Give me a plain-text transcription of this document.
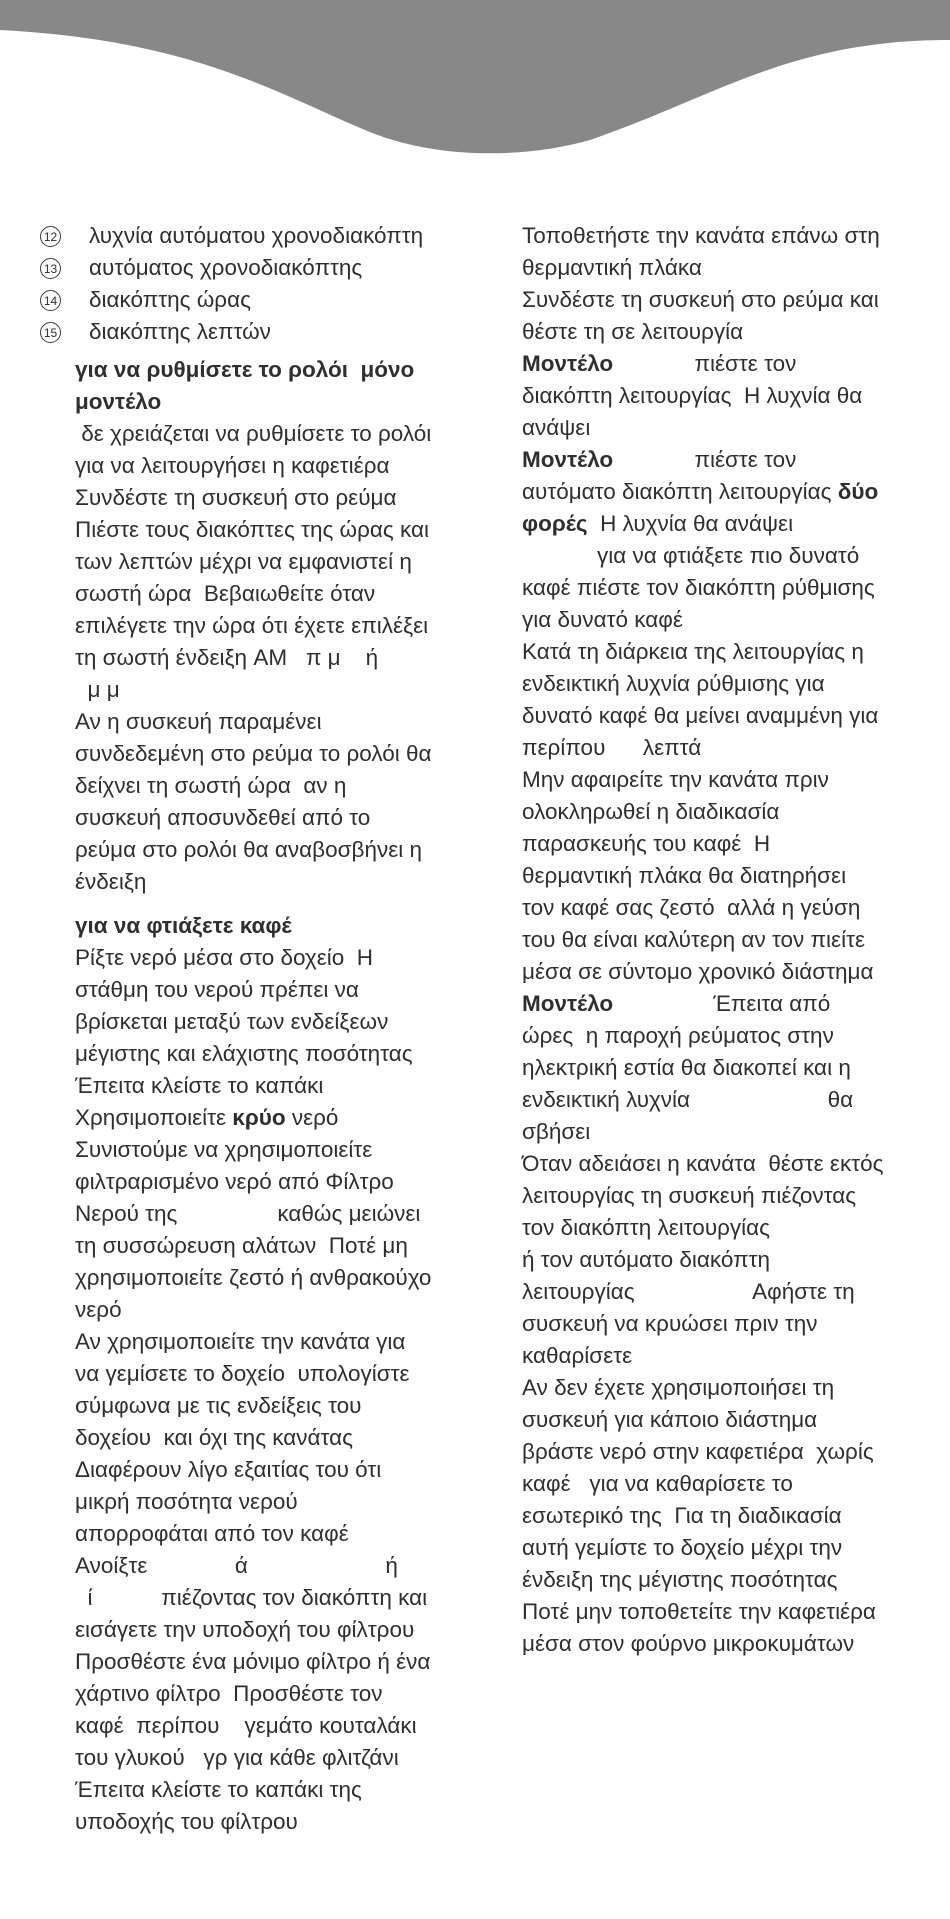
12 λυχνία αυτόματου χρονοδιακόπτη
13 αυτόματος χρονοδιακόπτης
14 διακόπτης ώρας
15 διακόπτης λεπτών
για να ρυθμίσετε το ρολόι  μόνο
μοντέλο
δε χρειάζεται να ρυθμίσετε το ρολόι
για να λειτουργήσει η καφετιέρα
Συνδέστε τη συσκευή στο ρεύμα
Πιέστε τους διακόπτες της ώρας και
των λεπτών μέχρι να εμφανιστεί η
σωστή ώρα  Βεβαιωθείτε όταν
επιλέγετε την ώρα ότι έχετε επιλέξει
τη σωστή ένδειξη AM   π μ    ή
μ μ
Αν η συσκευή παραμένει
συνδεδεμένη στο ρεύμα το ρολόι θα
δείχνει τη σωστή ώρα  αν η
συσκευή αποσυνδεθεί από το
ρεύμα στο ρολόι θα αναβοσβήνει η
ένδειξη
για να φτιάξετε καφέ
Ρίξτε νερό μέσα στο δοχείο  Η
στάθμη του νερού πρέπει να
βρίσκεται μεταξύ των ενδείξεων
μέγιστης και ελάχιστης ποσότητας
Έπειτα κλείστε το καπάκι
Χρησιμοποιείτε κρύο νερό
Συνιστούμε να χρησιμοποιείτε
φιλτραρισμένο νερό από Φίλτρο
Νερού της                καθώς μειώνει
τη συσσώρευση αλάτων  Ποτέ μη
χρησιμοποιείτε ζεστό ή ανθρακούχο
νερό
Αν χρησιμοποιείτε την κανάτα για
να γεμίσετε το δοχείο  υπολογίστε
σύμφωνα με τις ενδείξεις του
δοχείου  και όχι της κανάτας
Διαφέρουν λίγο εξαιτίας του ότι
μικρή ποσότητα νερού
απορροφάται από τον καφέ
Ανοίξτε              ά                      ή
ί           πιέζοντας τον διακόπτη και
εισάγετε την υποδοχή του φίλτρου
Προσθέστε ένα μόνιμο φίλτρο ή ένα
χάρτινο φίλτρο  Προσθέστε τον
καφέ  περίπου    γεμάτο κουταλάκι
του γλυκού   γρ για κάθε φλιτζάνι
Έπειτα κλείστε το καπάκι της
υποδοχής του φίλτρου
Τοποθετήστε την κανάτα επάνω στη
θερμαντική πλάκα
Συνδέστε τη συσκευή στο ρεύμα και
θέστε τη σε λειτουργία
Μοντέλο             πιέστε τον
διακόπτη λειτουργίας  Η λυχνία θα
ανάψει
Μοντέλο             πιέστε τον
αυτόματο διακόπτη λειτουργίας δύο
φορές  Η λυχνία θα ανάψει
για να φτιάξετε πιο δυνατό
καφέ πιέστε τον διακόπτη ρύθμισης
για δυνατό καφέ
Κατά τη διάρκεια της λειτουργίας η
ενδεικτική λυχνία ρύθμισης για
δυνατό καφέ θα μείνει αναμμένη για
περίπου      λεπτά
Μην αφαιρείτε την κανάτα πριν
ολοκληρωθεί η διαδικασία
παρασκευής του καφέ  Η
θερμαντική πλάκα θα διατηρήσει
τον καφέ σας ζεστό  αλλά η γεύση
του θα είναι καλύτερη αν τον πιείτε
μέσα σε σύντομο χρονικό διάστημα
Μοντέλο                Έπειτα από
ώρες  η παροχή ρεύματος στην
ηλεκτρική εστία θα διακοπεί και η
ενδεικτική λυχνία                      θα
σβήσει
Όταν αδειάσει η κανάτα  θέστε εκτός
λειτουργίας τη συσκευή πιέζοντας
τον διακόπτη λειτουργίας
ή τον αυτόματο διακόπτη
λειτουργίας                   Αφήστε τη
συσκευή να κρυώσει πριν την
καθαρίσετε
Αν δεν έχετε χρησιμοποιήσει τη
συσκευή για κάποιο διάστημα
βράστε νερό στην καφετιέρα  χωρίς
καφέ   για να καθαρίσετε το
εσωτερικό της  Για τη διαδικασία
αυτή γεμίστε το δοχείο μέχρι την
ένδειξη της μέγιστης ποσότητας
Ποτέ μην τοποθετείτε την καφετιέρα
μέσα στον φούρνο μικροκυμάτων
